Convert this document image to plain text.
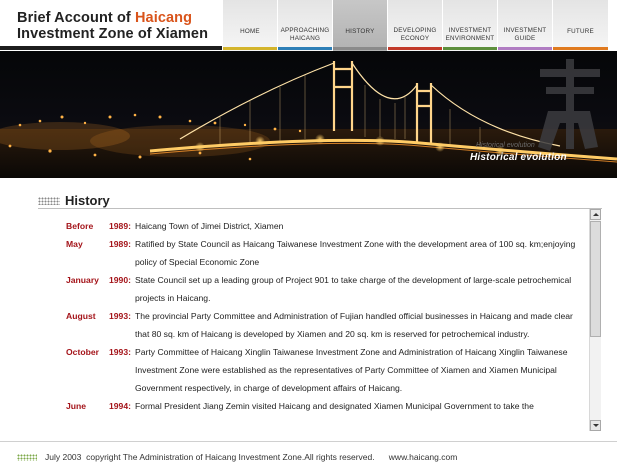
Brief Account of Haicang
Investment Zone of Xiamen	HOME	APPROACHING HAICANG
HISTORY	DEVELOPING ECONOY
INVESTMENT ENVIRONMENT
INVESTMENT GUIDE
FUTURE
Historical evolution
Historical evolution
History
Before 1989: Haicang Town of Jimei District, Xiamen
May	1989: Ratified by State Council as Haicang Taiwanese Investment Zone with the development area of 100 sq. km;enjoying policy of Special Economic Zone
January 1990: State Council set up a leading group of Project 901 to take charge of the development of large-scale petrochemical projects in Haicang.
August 1993: The provincial Party Committee and Administration of Fujian handled official businesses in Haicang and made clear that 80 sq. km of Haicang is developed by Xiamen and 20 sq. km is reserved for petrochemical industry.
October 1993: Party Committee of Haicang Xinglin Taiwanese Investment Zone and Administration of Haicang Xinglin Taiwanese Investment Zone were established as the representatives of Party Committee of Xiamen and Xiamen Municipal Government respectively, in charge of development affairs of Haicang.
June	1994: Formal President Jiang Zemin visited Haicang and designated Xiamen Municipal Government to take the
July 2003  copyright The Administration of Haicang Investment Zone.All rights reserved.      www.haicang.com
